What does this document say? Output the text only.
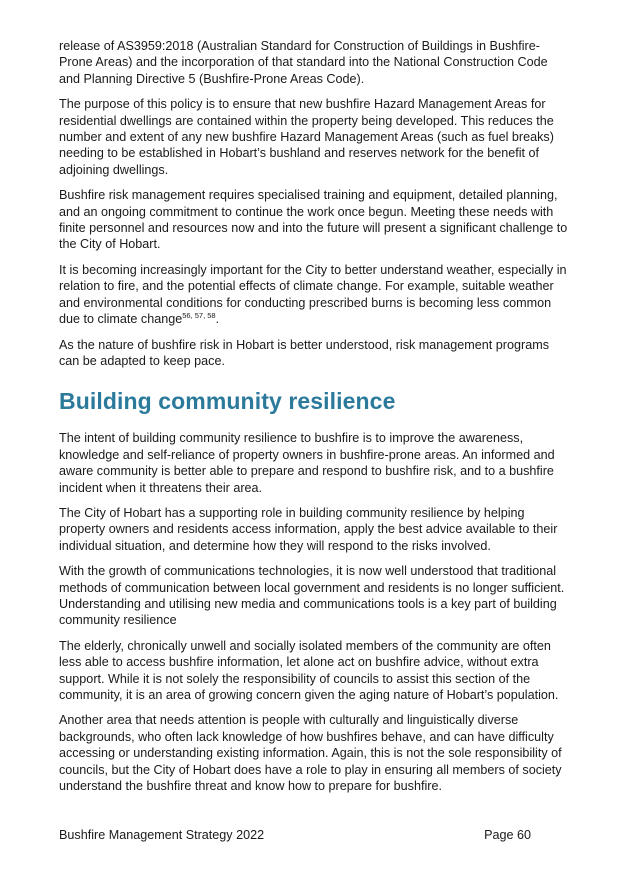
release of AS3959:2018 (Australian Standard for Construction of Buildings in Bushfire-Prone Areas) and the incorporation of that standard into the National Construction Code and Planning Directive 5 (Bushfire-Prone Areas Code).

The purpose of this policy is to ensure that new bushfire Hazard Management Areas for residential dwellings are contained within the property being developed. This reduces the number and extent of any new bushfire Hazard Management Areas (such as fuel breaks) needing to be established in Hobart’s bushland and reserves network for the benefit of adjoining dwellings.

Bushfire risk management requires specialised training and equipment, detailed planning, and an ongoing commitment to continue the work once begun. Meeting these needs with finite personnel and resources now and into the future will present a significant challenge to the City of Hobart.

It is becoming increasingly important for the City to better understand weather, especially in relation to fire, and the potential effects of climate change. For example, suitable weather and environmental conditions for conducting prescribed burns is becoming less common due to climate change$^{56, 57, 58}$.

As the nature of bushfire risk in Hobart is better understood, risk management programs can be adapted to keep pace.

Building community resilience

The intent of building community resilience to bushfire is to improve the awareness, knowledge and self-reliance of property owners in bushfire-prone areas. An informed and aware community is better able to prepare and respond to bushfire risk, and to a bushfire incident when it threatens their area.

The City of Hobart has a supporting role in building community resilience by helping property owners and residents access information, apply the best advice available to their individual situation, and determine how they will respond to the risks involved.

With the growth of communications technologies, it is now well understood that traditional methods of communication between local government and residents is no longer sufficient. Understanding and utilising new media and communications tools is a key part of building community resilience

The elderly, chronically unwell and socially isolated members of the community are often less able to access bushfire information, let alone act on bushfire advice, without extra support. While it is not solely the responsibility of councils to assist this section of the community, it is an area of growing concern given the aging nature of Hobart’s population.

Another area that needs attention is people with culturally and linguistically diverse backgrounds, who often lack knowledge of how bushfires behave, and can have difficulty accessing or understanding existing information. Again, this is not the sole responsibility of councils, but the City of Hobart does have a role to play in ensuring all members of society understand the bushfire threat and know how to prepare for bushfire.

Bushfire Management Strategy 2022	Page 60
